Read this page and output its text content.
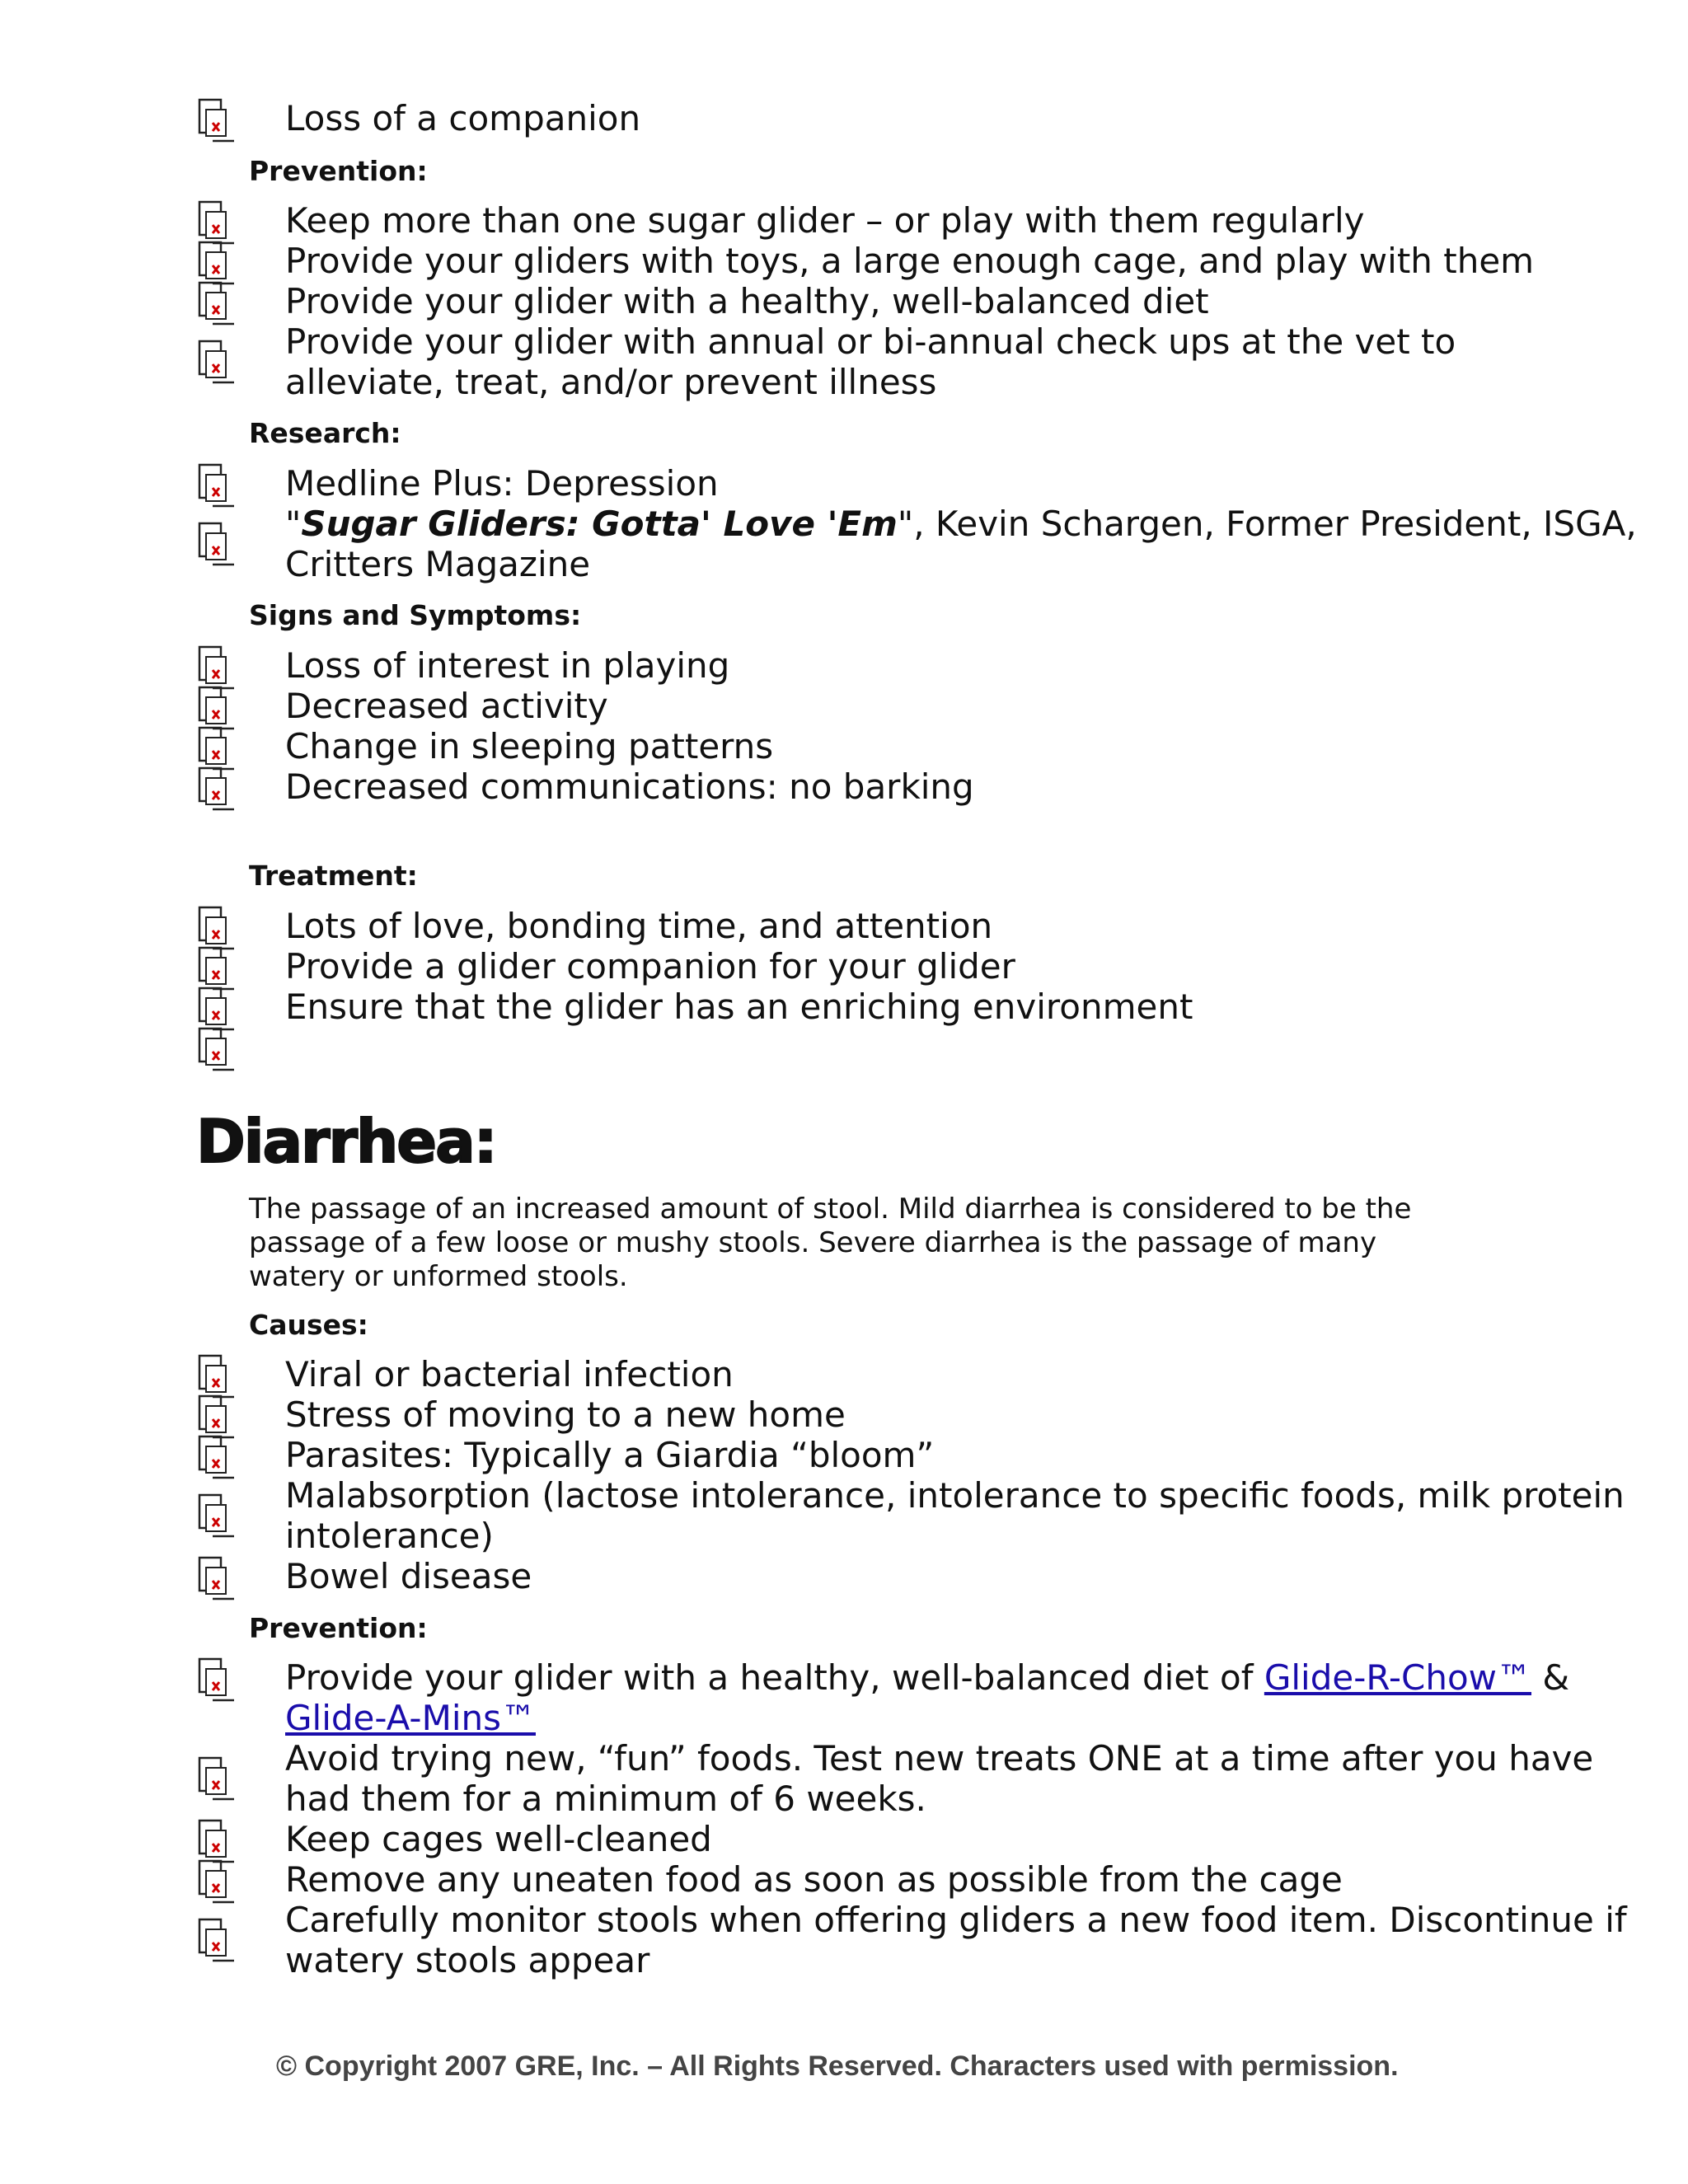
Loss of a companion
Prevention:
Keep more than one sugar glider – or play with them regularly
Provide your gliders with toys, a large enough cage, and play with them
Provide your glider with a healthy, well-balanced diet
Provide your glider with annual or bi-annual check ups at the vet to
alleviate, treat, and/or prevent illness
Research:
Medline Plus: Depression
"Sugar Gliders: Gotta' Love 'Em", Kevin Schargen, Former President, ISGA,
Critters Magazine
Signs and Symptoms:
Loss of interest in playing
Decreased activity
Change in sleeping patterns
Decreased communications: no barking
Treatment:
Lots of love, bonding time, and attention
Provide a glider companion for your glider
Ensure that the glider has an enriching environment
Diarrhea:
The passage of an increased amount of stool. Mild diarrhea is considered to be the
passage of a few loose or mushy stools. Severe diarrhea is the passage of many
watery or unformed stools.
Causes:
Viral or bacterial infection
Stress of moving to a new home
Parasites: Typically a Giardia “bloom”
Malabsorption (lactose intolerance, intolerance to specific foods, milk protein
intolerance)
Bowel disease
Prevention:
Provide your glider with a healthy, well-balanced diet of Glide-R-Chow™ &
Glide-A-Mins™
Avoid trying new, “fun” foods. Test new treats ONE at a time after you have
had them for a minimum of 6 weeks.
Keep cages well-cleaned
Remove any uneaten food as soon as possible from the cage
Carefully monitor stools when offering gliders a new food item. Discontinue if
watery stools appear
© Copyright 2007 GRE, Inc. – All Rights Reserved. Characters used with permission.
